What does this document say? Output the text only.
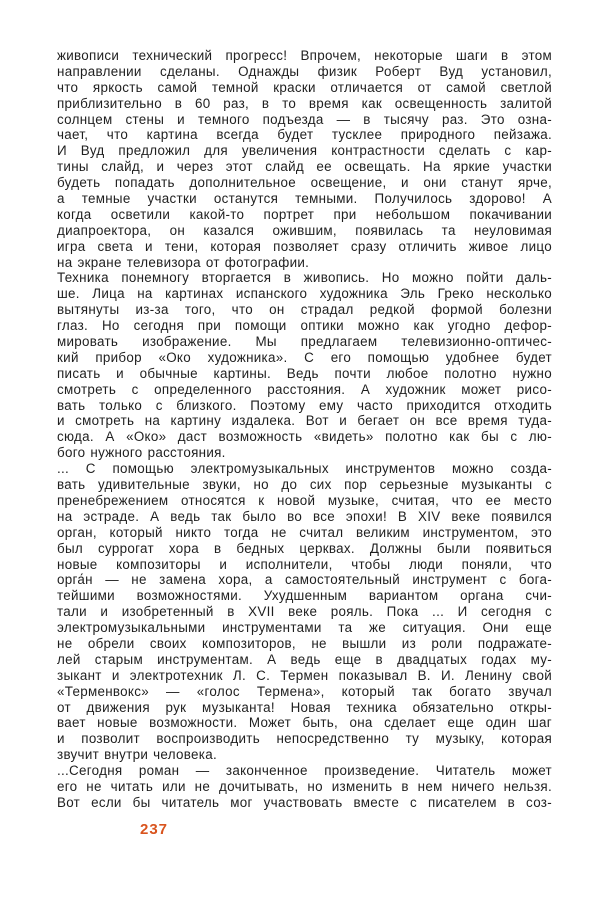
живописи технический прогресс! Впрочем, некоторые шаги в этом
направлении сделаны. Однажды физик Роберт Вуд установил,
что яркость самой темной краски отличается от самой светлой
приблизительно в 60 раз, в то время как освещенность залитой
солнцем стены и темного подъезда — в тысячу раз. Это озна-
чает, что картина всегда будет тусклее природного пейзажа.
И Вуд предложил для увеличения контрастности сделать с кар-
тины слайд, и через этот слайд ее освещать. На яркие участки
будеть попадать дополнительное освещение, и они станут ярче,
а темные участки останутся темными. Получилось здорово! А
когда осветили какой-то портрет при небольшом покачивании
диапроектора, он казался ожившим, появилась та неуловимая
игра света и тени, которая позволяет сразу отличить живое лицо
на экране телевизора от фотографии.
Техника понемногу вторгается в живопись. Но можно пойти даль-
ше. Лица на картинах испанского художника Эль Греко несколько
вытянуты из-за того, что он страдал редкой формой болезни
глаз. Но сегодня при помощи оптики можно как угодно дефор-
мировать изображение. Мы предлагаем телевизионно-оптичес-
кий прибор «Око художника». С его помощью удобнее будет
писать и обычные картины. Ведь почти любое полотно нужно
смотреть с определенного расстояния. А художник может рисо-
вать только с близкого. Поэтому ему часто приходится отходить
и смотреть на картину издалека. Вот и бегает он все время туда-
сюда. А «Око» даст возможность «видеть» полотно как бы с лю-
бого нужного расстояния.
... С помощью электромузыкальных инструментов можно созда-
вать удивительные звуки, но до сих пор серьезные музыканты с
пренебрежением относятся к новой музыке, считая, что ее место
на эстраде. А ведь так было во все эпохи! В XIV веке появился
орган, который никто тогда не считал великим инструментом, это
был суррогат хора в бедных церквах. Должны были появиться
новые композиторы и исполнители, чтобы люди поняли, что
орга́н — не замена хора, а самостоятельный инструмент с бога-
тейшими возможностями. Ухудшенным вариантом органа счи-
тали и изобретенный в XVII веке рояль. Пока ... И сегодня с
электромузыкальными инструментами та же ситуация. Они еще
не обрели своих композиторов, не вышли из роли подражате-
лей старым инструментам. А ведь еще в двадцатых годах му-
зыкант и электротехник Л. С. Термен показывал В. И. Ленину свой
«Терменвокс» — «голос Термена», который так богато звучал
от движения рук музыканта! Новая техника обязательно откры-
вает новые возможности. Может быть, она сделает еще один шаг
и позволит воспроизводить непосредственно ту музыку, которая
звучит внутри человека.
...Сегодня роман — законченное произведение. Читатель может
его не читать или не дочитывать, но изменить в нем ничего нельзя.
Вот если бы читатель мог участвовать вместе с писателем в соз-
237
